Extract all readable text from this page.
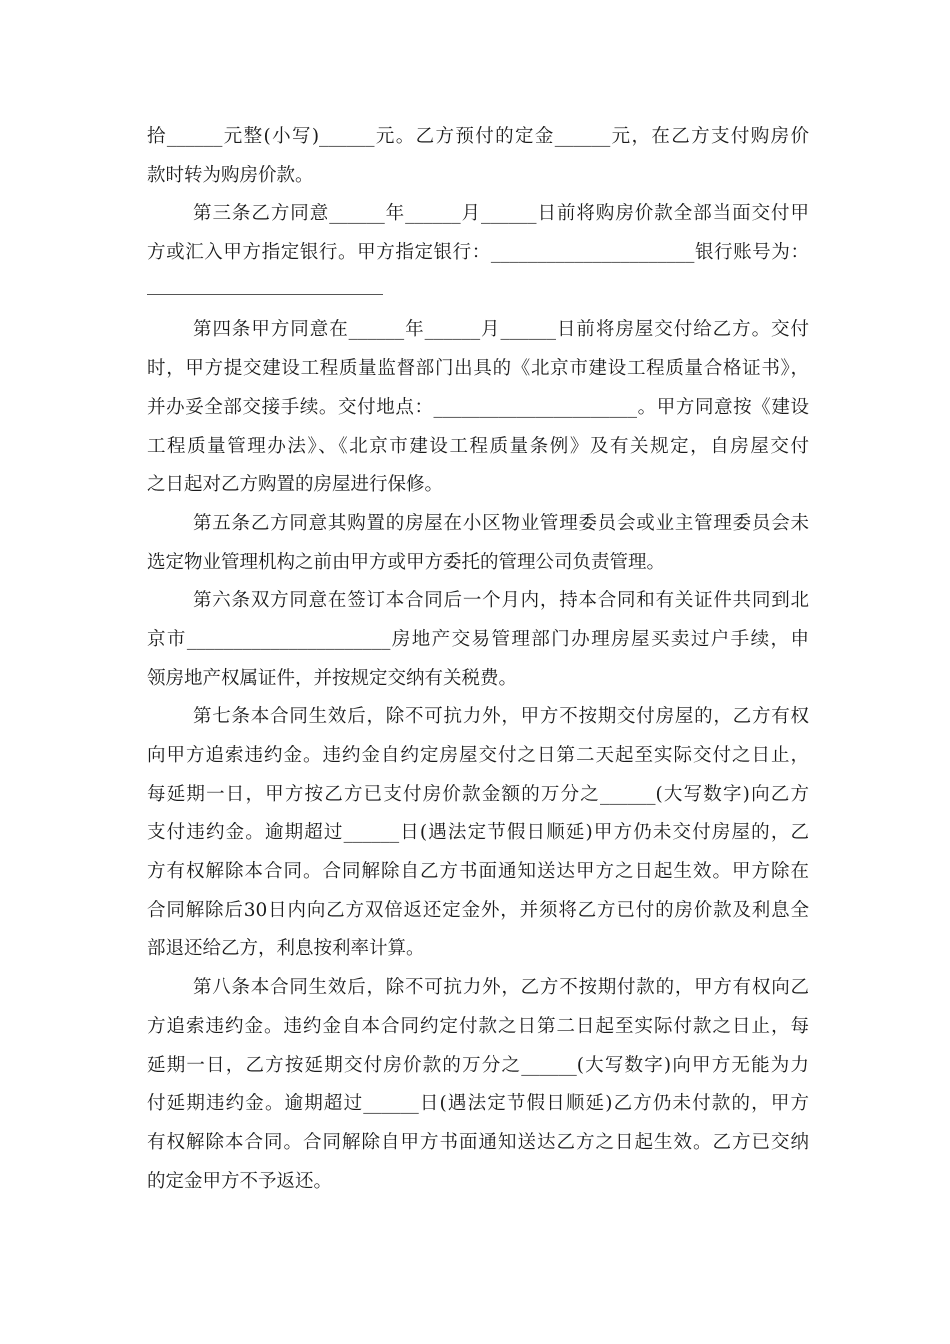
拾______元整(小写)______元。乙方预付的定金______元，在乙方支付购房价
款时转为购房价款。
第三条乙方同意______年______月______日前将购房价款全部当面交付甲
方或汇入甲方指定银行。甲方指定银行：______________________银行账号为：
第四条甲方同意在______年______月______日前将房屋交付给乙方。交付
时，甲方提交建设工程质量监督部门出具的《北京市建设工程质量合格证书》，
并办妥全部交接手续。交付地点：______________________。甲方同意按《建设
工程质量管理办法》、《北京市建设工程质量条例》及有关规定，自房屋交付
之日起对乙方购置的房屋进行保修。
第五条乙方同意其购置的房屋在小区物业管理委员会或业主管理委员会未
选定物业管理机构之前由甲方或甲方委托的管理公司负责管理。
第六条双方同意在签订本合同后一个月内，持本合同和有关证件共同到北
京市______________________房地产交易管理部门办理房屋买卖过户手续，申
领房地产权属证件，并按规定交纳有关税费。
第七条本合同生效后，除不可抗力外，甲方不按期交付房屋的，乙方有权
向甲方追索违约金。违约金自约定房屋交付之日第二天起至实际交付之日止，
每延期一日，甲方按乙方已支付房价款金额的万分之______(大写数字)向乙方
支付违约金。逾期超过______日(遇法定节假日顺延)甲方仍未交付房屋的，乙
方有权解除本合同。合同解除自乙方书面通知送达甲方之日起生效。甲方除在
合同解除后30日内向乙方双倍返还定金外，并须将乙方已付的房价款及利息全
部退还给乙方，利息按利率计算。
第八条本合同生效后，除不可抗力外，乙方不按期付款的，甲方有权向乙
方追索违约金。违约金自本合同约定付款之日第二日起至实际付款之日止，每
延期一日，乙方按延期交付房价款的万分之______(大写数字)向甲方无能为力
付延期违约金。逾期超过______日(遇法定节假日顺延)乙方仍未付款的，甲方
有权解除本合同。合同解除自甲方书面通知送达乙方之日起生效。乙方已交纳
的定金甲方不予返还。
